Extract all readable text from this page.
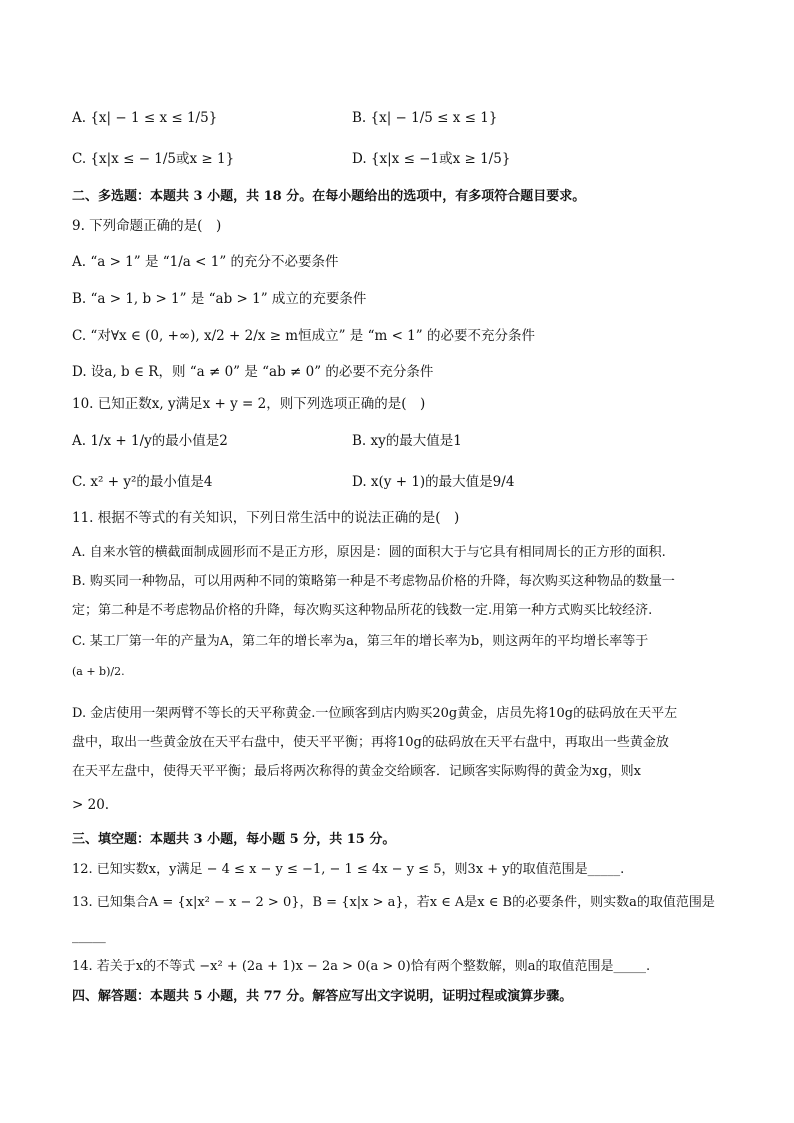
A. {x| − 1 ≤ x ≤ 1/5}	B. {x| − 1/5 ≤ x ≤ 1}
C. {x|x ≤ − 1/5或x ≥ 1}	D. {x|x ≤ −1或x ≥ 1/5}
二、多选题：本题共 3 小题，共 18 分。在每小题给出的选项中，有多项符合题目要求。
9. 下列命题正确的是(　)
A. “a > 1” 是 “1/a < 1” 的充分不必要条件
B. “a > 1, b > 1” 是 “ab > 1” 成立的充要条件
C. “对∀x ∈ (0, +∞), x/2 + 2/x ≥ m恒成立” 是 “m < 1” 的必要不充分条件
D. 设a, b ∈ R，则 “a ≠ 0” 是 “ab ≠ 0” 的必要不充分条件
10. 已知正数x, y满足x + y = 2，则下列选项正确的是(　)
A. 1/x + 1/y的最小值是2	B. xy的最大值是1
C. x² + y²的最小值是4	D. x(y + 1)的最大值是9/4
11. 根据不等式的有关知识，下列日常生活中的说法正确的是(　)
A. 自来水管的横截面制成圆形而不是正方形，原因是：圆的面积大于与它具有相同周长的正方形的面积.
B. 购买同一种物品，可以用两种不同的策略第一种是不考虑物品价格的升降，每次购买这种物品的数量一
定；第二种是不考虑物品价格的升降，每次购买这种物品所花的钱数一定.用第一种方式购买比较经济.
C. 某工厂第一年的产量为A，第二年的增长率为a，第三年的增长率为b，则这两年的平均增长率等于
(a + b)/2.
D. 金店使用一架两臂不等长的天平称黄金.一位顾客到店内购买20g黄金，店员先将10g的砝码放在天平左
盘中，取出一些黄金放在天平右盘中，使天平平衡；再将10g的砝码放在天平右盘中，再取出一些黄金放
在天平左盘中，使得天平平衡；最后将两次称得的黄金交给顾客．记顾客实际购得的黄金为xg，则x
> 20.
三、填空题：本题共 3 小题，每小题 5 分，共 15 分。
12. 已知实数x，y满足 − 4 ≤ x − y ≤ −1, − 1 ≤ 4x − y ≤ 5，则3x + y的取值范围是_____.
13. 已知集合A = {x|x² − x − 2 > 0}，B = {x|x > a}，若x ∈ A是x ∈ B的必要条件，则实数a的取值范围是
_____
14. 若关于x的不等式 −x² + (2a + 1)x − 2a > 0(a > 0)恰有两个整数解，则a的取值范围是_____.
四、解答题：本题共 5 小题，共 77 分。解答应写出文字说明，证明过程或演算步骤。
